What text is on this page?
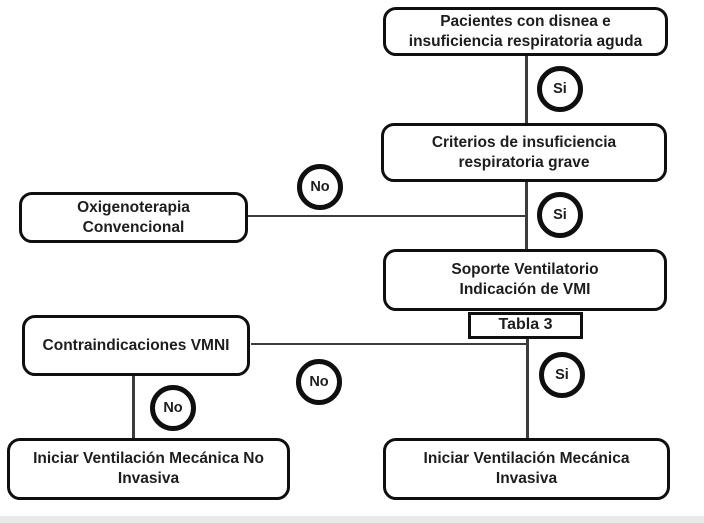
Pacientes con disnea e
insuficiencia respiratoria aguda
Criterios de insuficiencia
respiratoria grave
Oxigenoterapia
Convencional
Soporte Ventilatorio
Indicación de VMI
Tabla 3
Contraindicaciones VMNI
Iniciar Ventilación Mecánica No
Invasiva
Iniciar Ventilación Mecánica
Invasiva
Si
Si
No
Si
No
No
